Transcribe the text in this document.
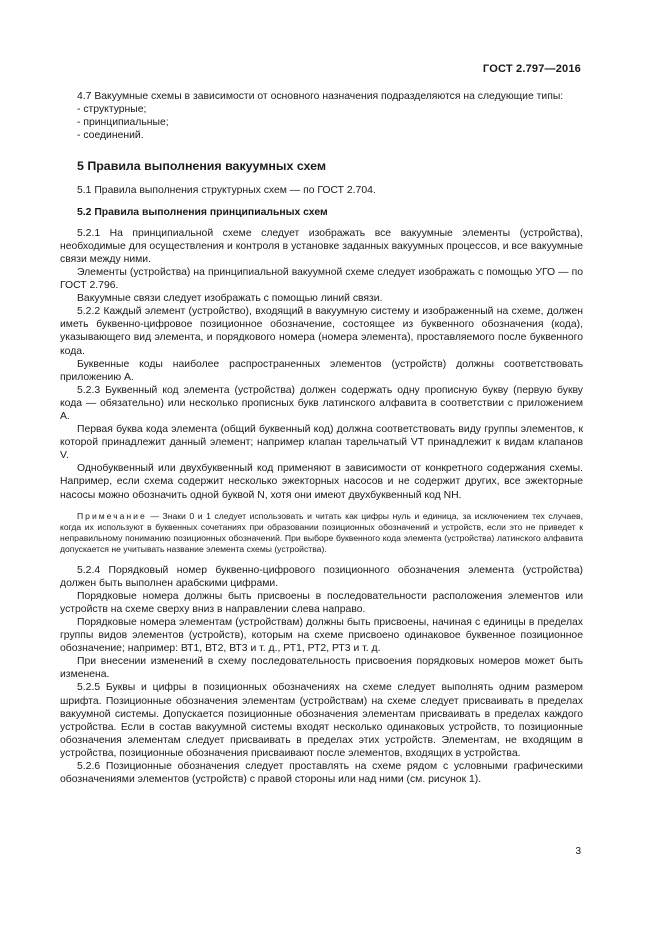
ГОСТ 2.797—2016

4.7 Вакуумные схемы в зависимости от основного назначения подразделяются на следующие типы:

- структурные;

- принципиальные;

- соединений.

5 Правила выполнения вакуумных схем

5.1 Правила выполнения структурных схем — по ГОСТ 2.704.

5.2 Правила выполнения принципиальных схем

5.2.1 На принципиальной схеме следует изображать все вакуумные элементы (устройства), необходимые для осуществления и контроля в установке заданных вакуумных процессов, и все вакуумные связи между ними.

Элементы (устройства) на принципиальной вакуумной схеме следует изображать с помощью УГО — по ГОСТ 2.796.

Вакуумные связи следует изображать с помощью линий связи.

5.2.2 Каждый элемент (устройство), входящий в вакуумную систему и изображенный на схеме, должен иметь буквенно-цифровое позиционное обозначение, состоящее из буквенного обозначения (кода), указывающего вид элемента, и порядкового номера (номера элемента), проставляемого после буквенного кода.

Буквенные коды наиболее распространенных элементов (устройств) должны соответствовать приложению А.

5.2.3 Буквенный код элемента (устройства) должен содержать одну прописную букву (первую букву кода — обязательно) или несколько прописных букв латинского алфавита в соответствии с приложением А.

Первая буква кода элемента (общий буквенный код) должна соответствовать виду группы элементов, к которой принадлежит данный элемент; например клапан тарельчатый VT принадлежит к видам клапанов V.

Однобуквенный или двухбуквенный код применяют в зависимости от конкретного содержания схемы. Например, если схема содержит несколько эжекторных насосов и не содержит других, все эжекторные насосы можно обозначить одной буквой N, хотя они имеют двухбуквенный код NH.

Примечание — Знаки 0 и 1 следует использовать и читать как цифры нуль и единица, за исключением тех случаев, когда их используют в буквенных сочетаниях при образовании позиционных обозначений и устройств, если это не приведет к неправильному пониманию позиционных обозначений. При выборе буквенного кода элемента (устройства) латинского алфавита допускается не учитывать название элемента схемы (устройства).

5.2.4 Порядковый номер буквенно-цифрового позиционного обозначения элемента (устройства) должен быть выполнен арабскими цифрами.

Порядковые номера должны быть присвоены в последовательности расположения элементов или устройств на схеме сверху вниз в направлении слева направо.

Порядковые номера элементам (устройствам) должны быть присвоены, начиная с единицы в пределах группы видов элементов (устройств), которым на схеме присвоено одинаковое буквенное позиционное обозначение; например: ВТ1, ВТ2, ВТ3 и т. д., РТ1, РТ2, РТ3 и т. д.

При внесении изменений в схему последовательность присвоения порядковых номеров может быть изменена.

5.2.5 Буквы и цифры в позиционных обозначениях на схеме следует выполнять одним размером шрифта. Позиционные обозначения элементам (устройствам) на схеме следует присваивать в пределах вакуумной системы. Допускается позиционные обозначения элементам присваивать в пределах каждого устройства. Если в состав вакуумной системы входят несколько одинаковых устройств, то позиционные обозначения элементам следует присваивать в пределах этих устройств. Элементам, не входящим в устройства, позиционные обозначения присваивают после элементов, входящих в устройства.

5.2.6 Позиционные обозначения следует проставлять на схеме рядом с условными графическими обозначениями элементов (устройств) с правой стороны или над ними (см. рисунок 1).

3
